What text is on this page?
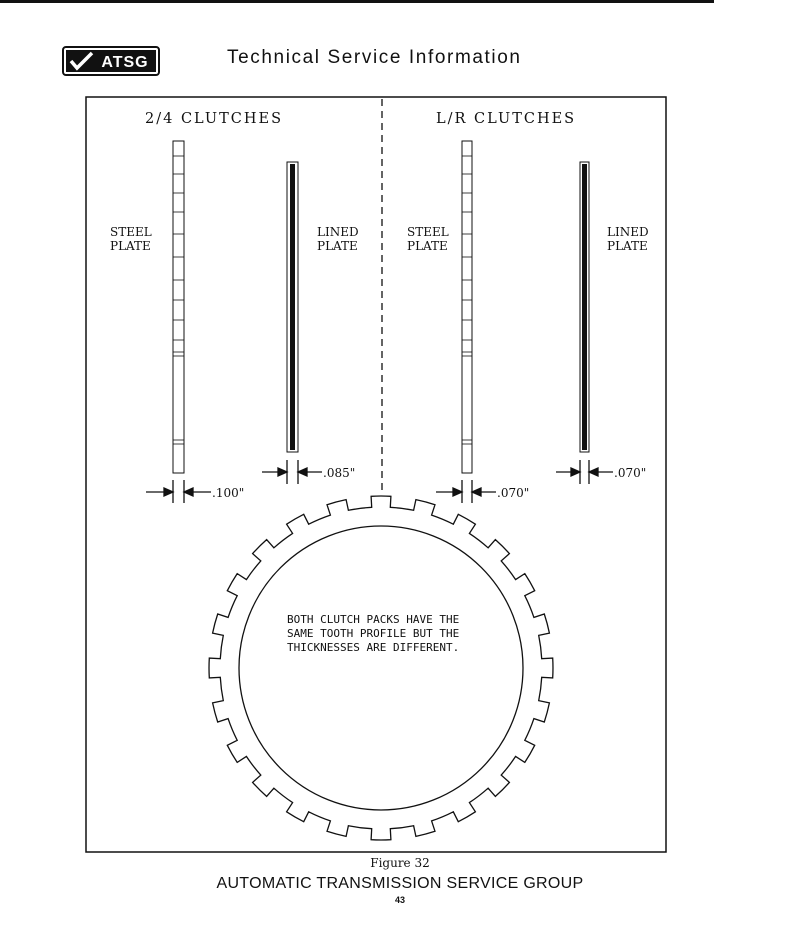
ATSG	Technical Service Information
2/4 CLUTCHES	L/R CLUTCHES
STEEL
PLATE
LINED
PLATE
STEEL
PLATE
LINED
PLATE
.100"
.085"
.070"
.070"
BOTH CLUTCH PACKS HAVE THE
SAME TOOTH PROFILE BUT THE
THICKNESSES ARE DIFFERENT.
Figure 32
AUTOMATIC TRANSMISSION SERVICE GROUP
43
